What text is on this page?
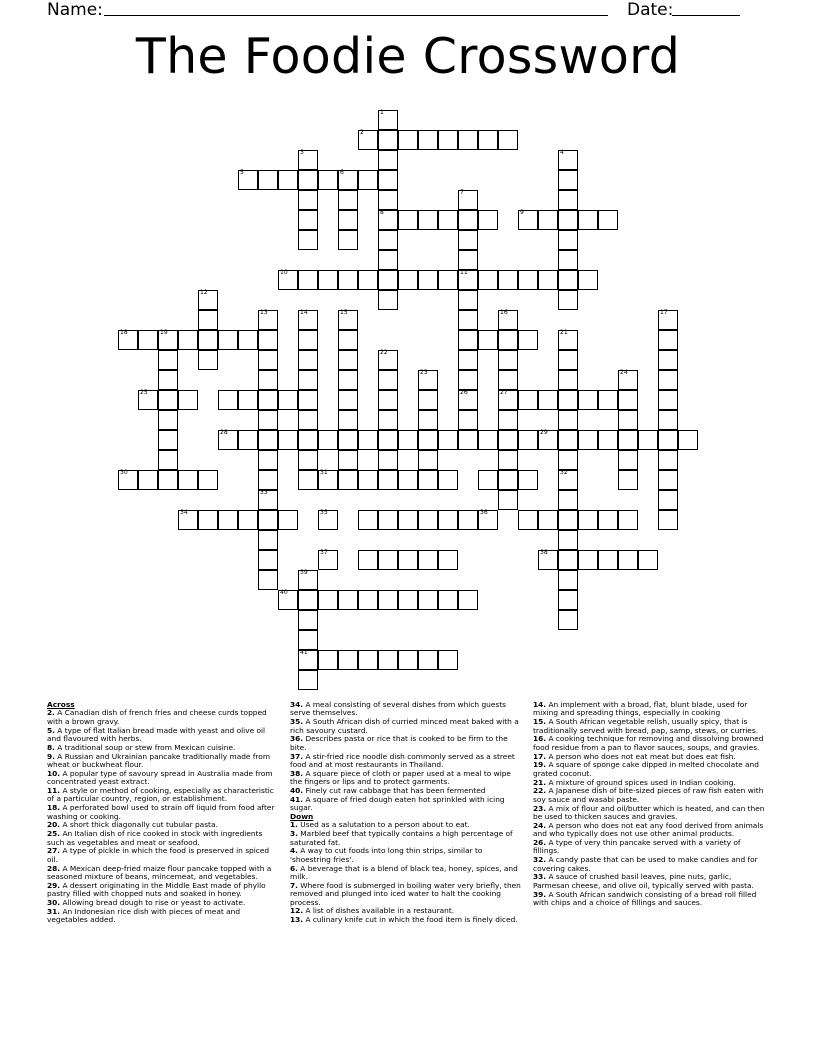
Name:	Date:
The Foodie Crossword
1
8
2
3	4
5	6
7
11
9
10
12
13	14	15	16
27
17
18	19	21
22
23	24
25	26
28	29
30	31	32
33
34	35	36
37	38
39
40
41
Across
2. A Canadian dish of french fries and cheese curds topped with a brown gravy.
5. A type of flat Italian bread made with yeast and olive oil and flavoured with herbs.
8. A traditional soup or stew from Mexican cuisine.
9. A Russian and Ukrainian pancake traditionally made from wheat or buckwheat flour.
10. A popular type of savoury spread in Australia made from concentrated yeast extract.
11. A style or method of cooking, especially as characteristic of a particular country, region, or establishment.
18. A perforated bowl used to strain off liquid from food after washing or cooking.
20. A short thick diagonally cut tubular pasta.
25. An Italian dish of rice cooked in stock with ingredients such as vegetables and meat or seafood.
27. A type of pickle in which the food is preserved in spiced oil.
28. A Mexican deep-fried maize flour pancake topped with a seasoned mixture of beans, mincemeat, and vegetables.
29. A dessert originating in the Middle East made of phyllo pastry filled with chopped nuts and soaked in honey.
30. Allowing bread dough to rise or yeast to activate.
31. An Indonesian rice dish with pieces of meat and vegetables added.
34. A meal consisting of several dishes from which guests serve themselves.
35. A South African dish of curried minced meat baked with a rich savoury custard.
36. Describes pasta or rice that is cooked to be firm to the bite.
37. A stir-fried rice noodle dish commonly served as a street food and at most restaurants in Thailand.
38. A square piece of cloth or paper used at a meal to wipe the fingers or lips and to protect garments.
40. Finely cut raw cabbage that has been fermented
41. A square of fried dough eaten hot sprinkled with icing sugar.
Down
1. Used as a salutation to a person about to eat.
3. Marbled beef that typically contains a high percentage of saturated fat.
4. A way to cut foods into long thin strips, similar to 'shoestring fries'.
6. A beverage that is a blend of black tea, honey, spices, and milk.
7. Where food is submerged in boiling water very briefly, then removed and plunged into iced water to halt the cooking process.
12. A list of dishes available in a restaurant.
13. A culinary knife cut in which the food item is finely diced.
14. An implement with a broad, flat, blunt blade, used for mixing and spreading things, especially in cooking
15. A South African vegetable relish, usually spicy, that is traditionally served with bread, pap, samp, stews, or curries.
16. A cooking technique for removing and dissolving browned food residue from a pan to flavor sauces, soups, and gravies.
17. A person who does not eat meat but does eat fish.
19. A square of sponge cake dipped in melted chocolate and grated coconut.
21. A mixture of ground spices used in Indian cooking.
22. A Japanese dish of bite-sized pieces of raw fish eaten with soy sauce and wasabi paste.
23. A mix of flour and oil/butter which is heated, and can then be used to thicken sauces and gravies.
24. A person who does not eat any food derived from animals and who typically does not use other animal products.
26. A type of very thin pancake served with a variety of fillings.
32. A candy paste that can be used to make candies and for covering cakes.
33. A sauce of crushed basil leaves, pine nuts, garlic, Parmesan cheese, and olive oil, typically served with pasta.
39. A South African sandwich consisting of a bread roll filled with chips and a choice of fillings and sauces.
